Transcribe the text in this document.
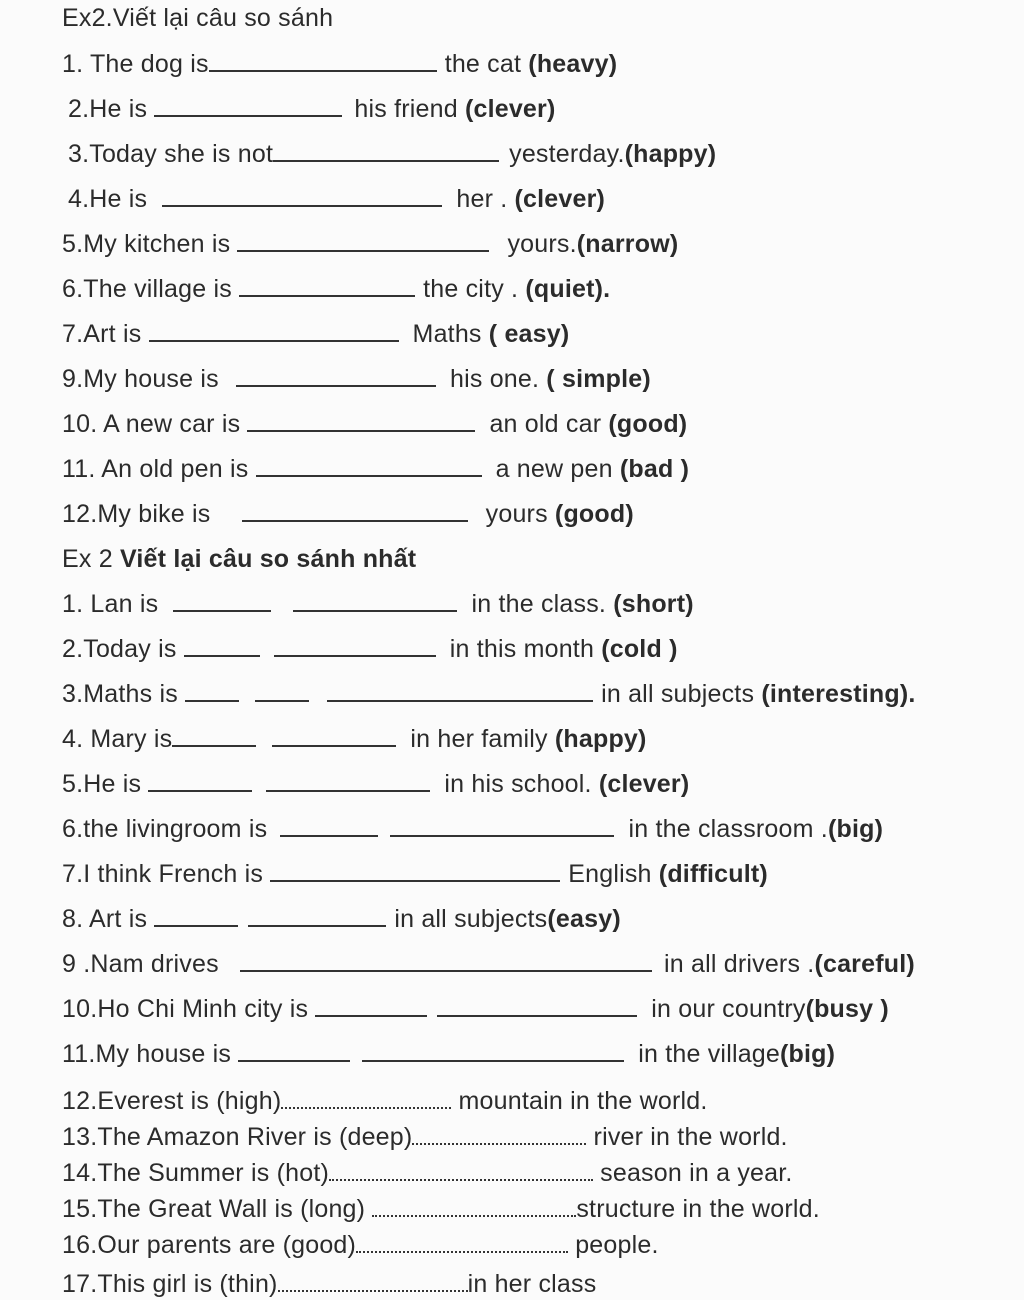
Ex2.Viết lại câu so sánh
1. The dog is	the cat (heavy)
2.He is	his friend (clever)
3.Today she is not	yesterday.(happy)
4.He is	her . (clever)
5.My kitchen is	yours.(narrow)
6.The village is	the city . (quiet).
7.Art is	Maths ( easy)
9.My house is	his one. ( simple)
10. A new car is	an old car (good)
11. An old pen is	a new pen (bad )
12.My bike is	yours (good)
Ex 2 Viết lại câu so sánh nhất
1. Lan is	in the class. (short)
2.Today is	in this month (cold )
3.Maths is	in all subjects (interesting).
4. Mary is	in her family (happy)
5.He is	in his school. (clever)
6.the livingroom is	in the classroom .(big)
7.I think French is	English (difficult)
8. Art is	in all subjects(easy)
9 .Nam drives	in all drivers .(careful)
10.Ho Chi Minh city is	in our country(busy )
11.My house is	in the village(big)
12.Everest is (high)	mountain in the world.
13.The Amazon River is (deep)	river in the world.
14.The Summer is (hot)	season in a year.
15.The Great Wall is (long)	structure in the world.
16.Our parents are (good)	people.
17.This girl is (thin)	in her class
